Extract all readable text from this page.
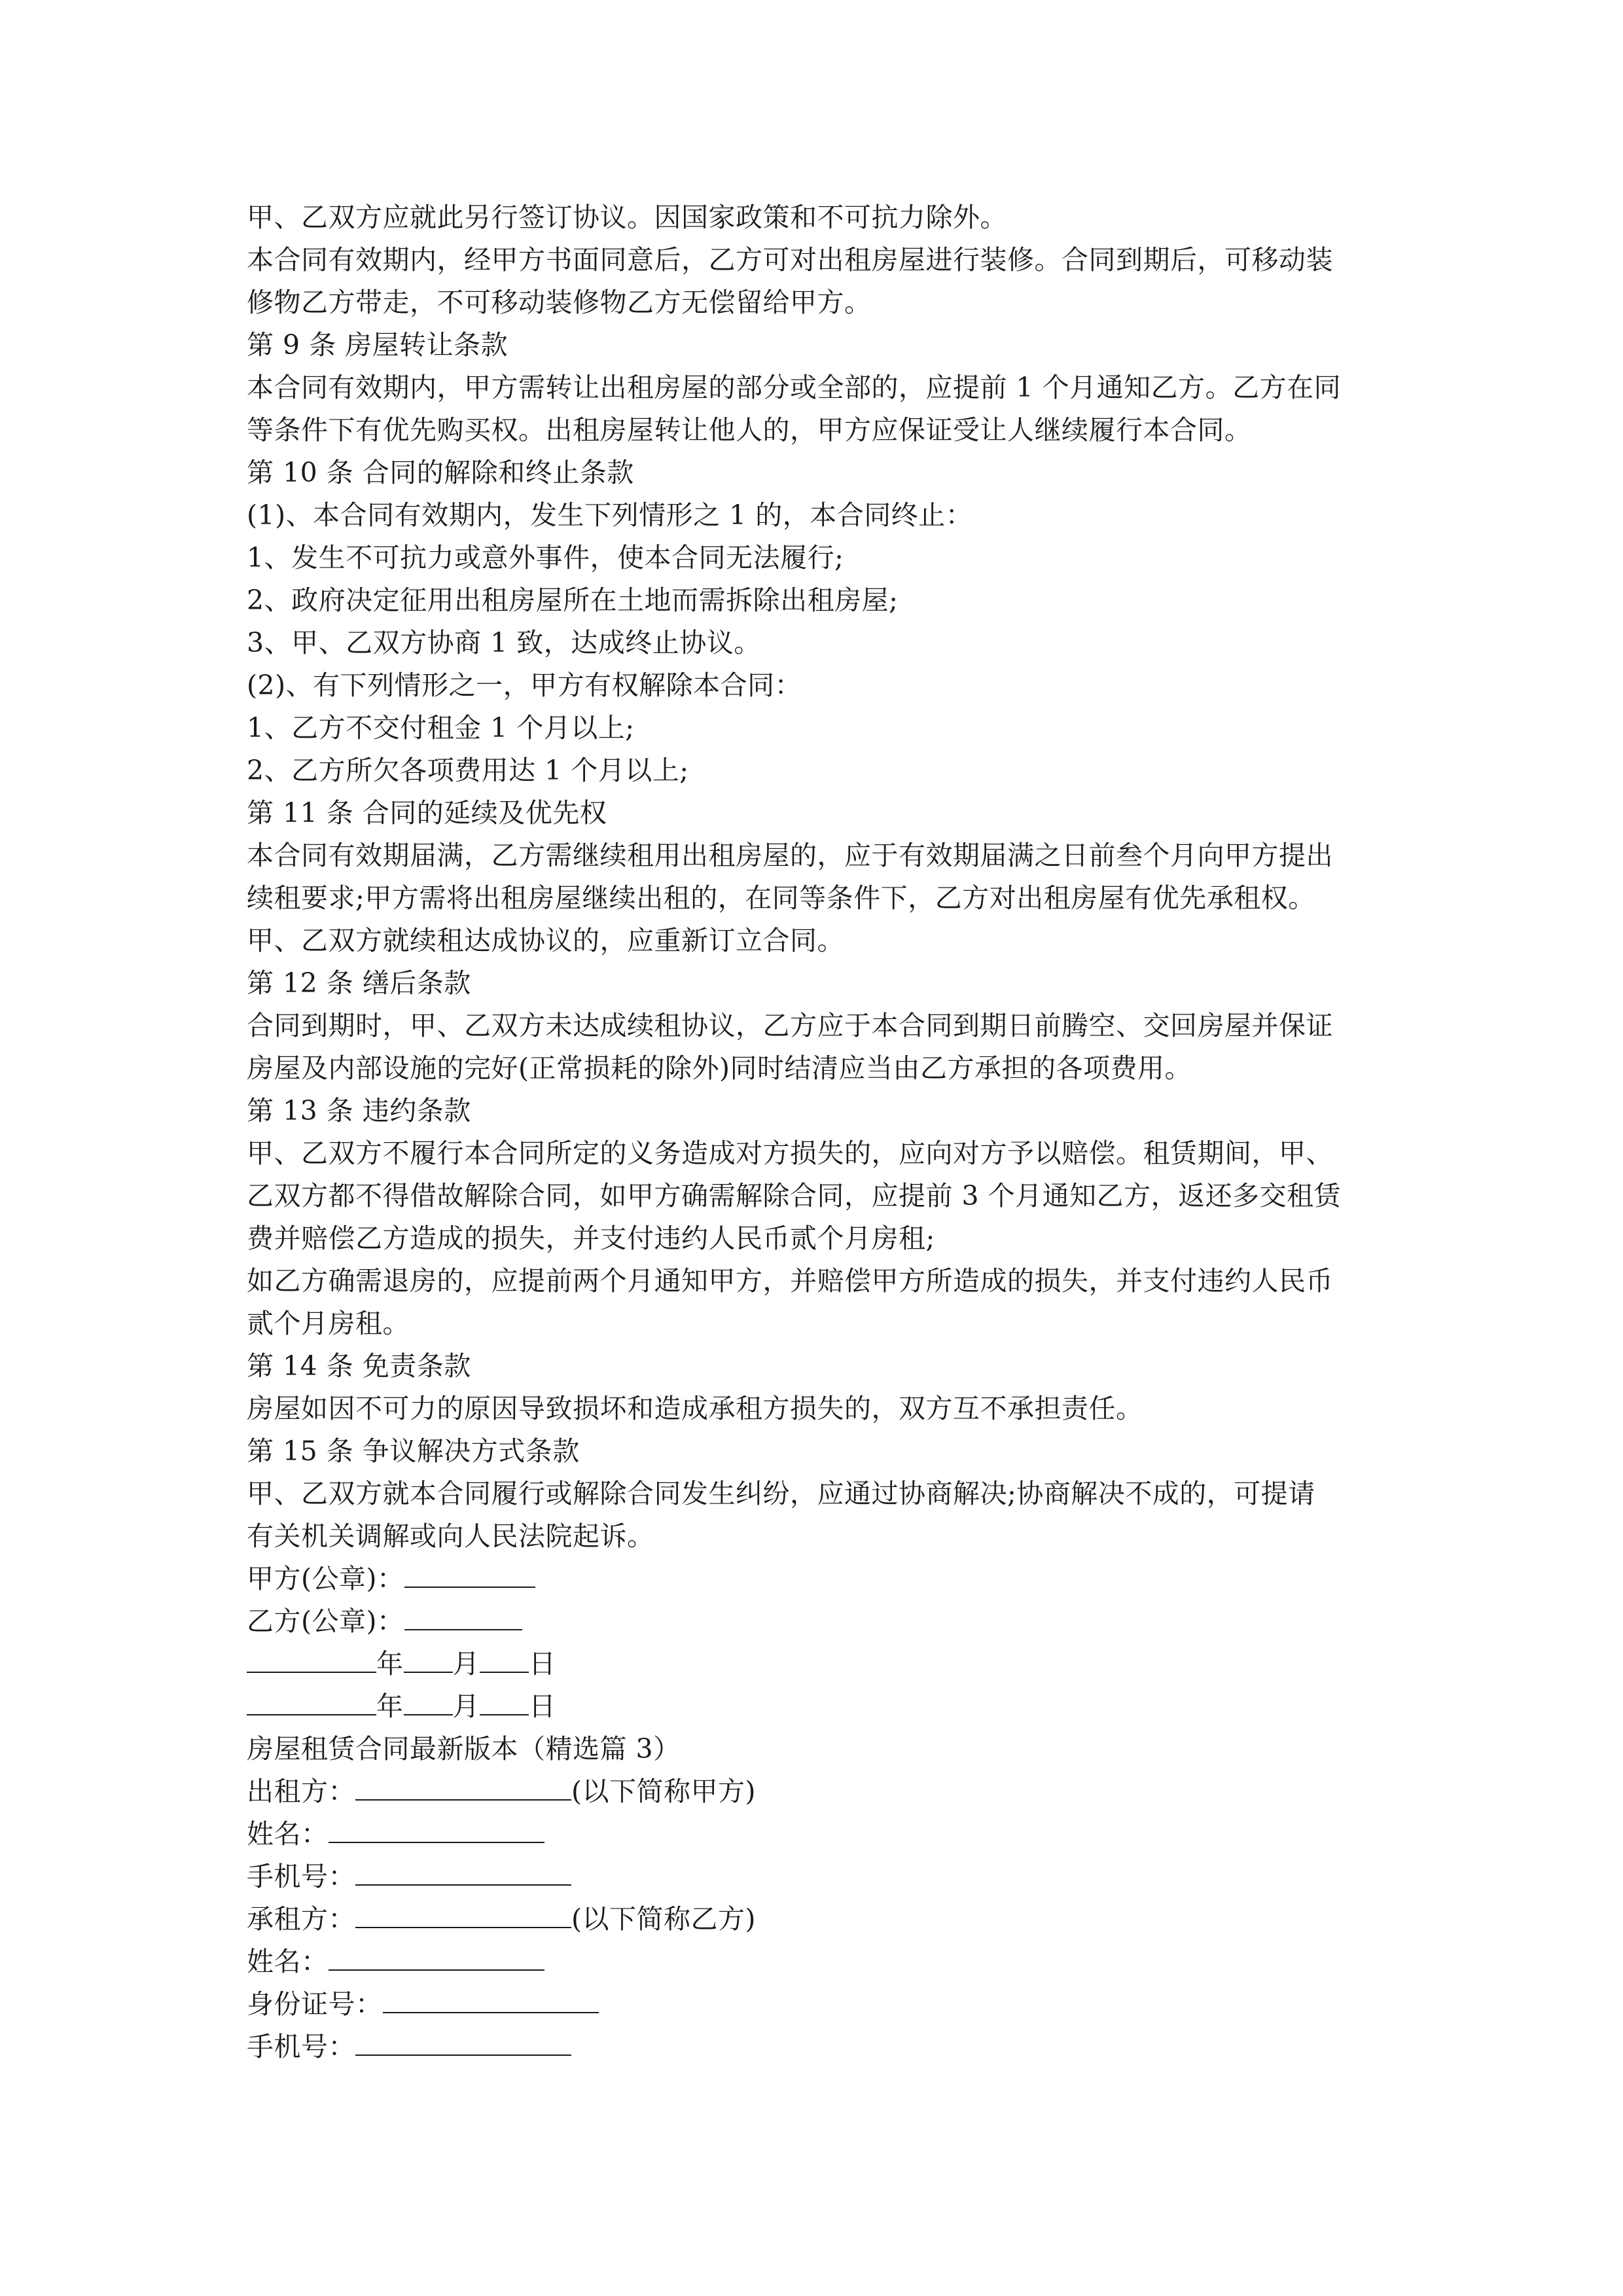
甲、乙双方应就此另行签订协议。因国家政策和不可抗力除外。
本合同有效期内，经甲方书面同意后，乙方可对出租房屋进行装修。合同到期后，可移动装
修物乙方带走，不可移动装修物乙方无偿留给甲方。
第 9 条 房屋转让条款
本合同有效期内，甲方需转让出租房屋的部分或全部的，应提前 1 个月通知乙方。乙方在同
等条件下有优先购买权。出租房屋转让他人的，甲方应保证受让人继续履行本合同。
第 10 条 合同的解除和终止条款
(1)、本合同有效期内，发生下列情形之 1 的，本合同终止：
1、发生不可抗力或意外事件，使本合同无法履行;
2、政府决定征用出租房屋所在土地而需拆除出租房屋;
3、甲、乙双方协商 1 致，达成终止协议。
(2)、有下列情形之一，甲方有权解除本合同：
1、乙方不交付租金 1 个月以上;
2、乙方所欠各项费用达 1 个月以上;
第 11 条 合同的延续及优先权
本合同有效期届满，乙方需继续租用出租房屋的，应于有效期届满之日前叁个月向甲方提出
续租要求;甲方需将出租房屋继续出租的，在同等条件下，乙方对出租房屋有优先承租权。
甲、乙双方就续租达成协议的，应重新订立合同。
第 12 条 缮后条款
合同到期时，甲、乙双方未达成续租协议，乙方应于本合同到期日前腾空、交回房屋并保证
房屋及内部设施的完好(正常损耗的除外)同时结清应当由乙方承担的各项费用。
第 13 条 违约条款
甲、乙双方不履行本合同所定的义务造成对方损失的，应向对方予以赔偿。租赁期间，甲、
乙双方都不得借故解除合同，如甲方确需解除合同，应提前 3 个月通知乙方，返还多交租赁
费并赔偿乙方造成的损失，并支付违约人民币贰个月房租;
如乙方确需退房的，应提前两个月通知甲方，并赔偿甲方所造成的损失，并支付违约人民币
贰个月房租。
第 14 条 免责条款
房屋如因不可力的原因导致损坏和造成承租方损失的，双方互不承担责任。
第 15 条 争议解决方式条款
甲、乙双方就本合同履行或解除合同发生纠纷，应通过协商解决;协商解决不成的，可提请
有关机关调解或向人民法院起诉。
甲方(公章)：
乙方(公章)：
年 月 日
年 月 日
房屋租赁合同最新版本（精选篇 3）
出租方：	(以下简称甲方)
姓名：
手机号：
承租方：	(以下简称乙方)
姓名：
身份证号：
手机号：
